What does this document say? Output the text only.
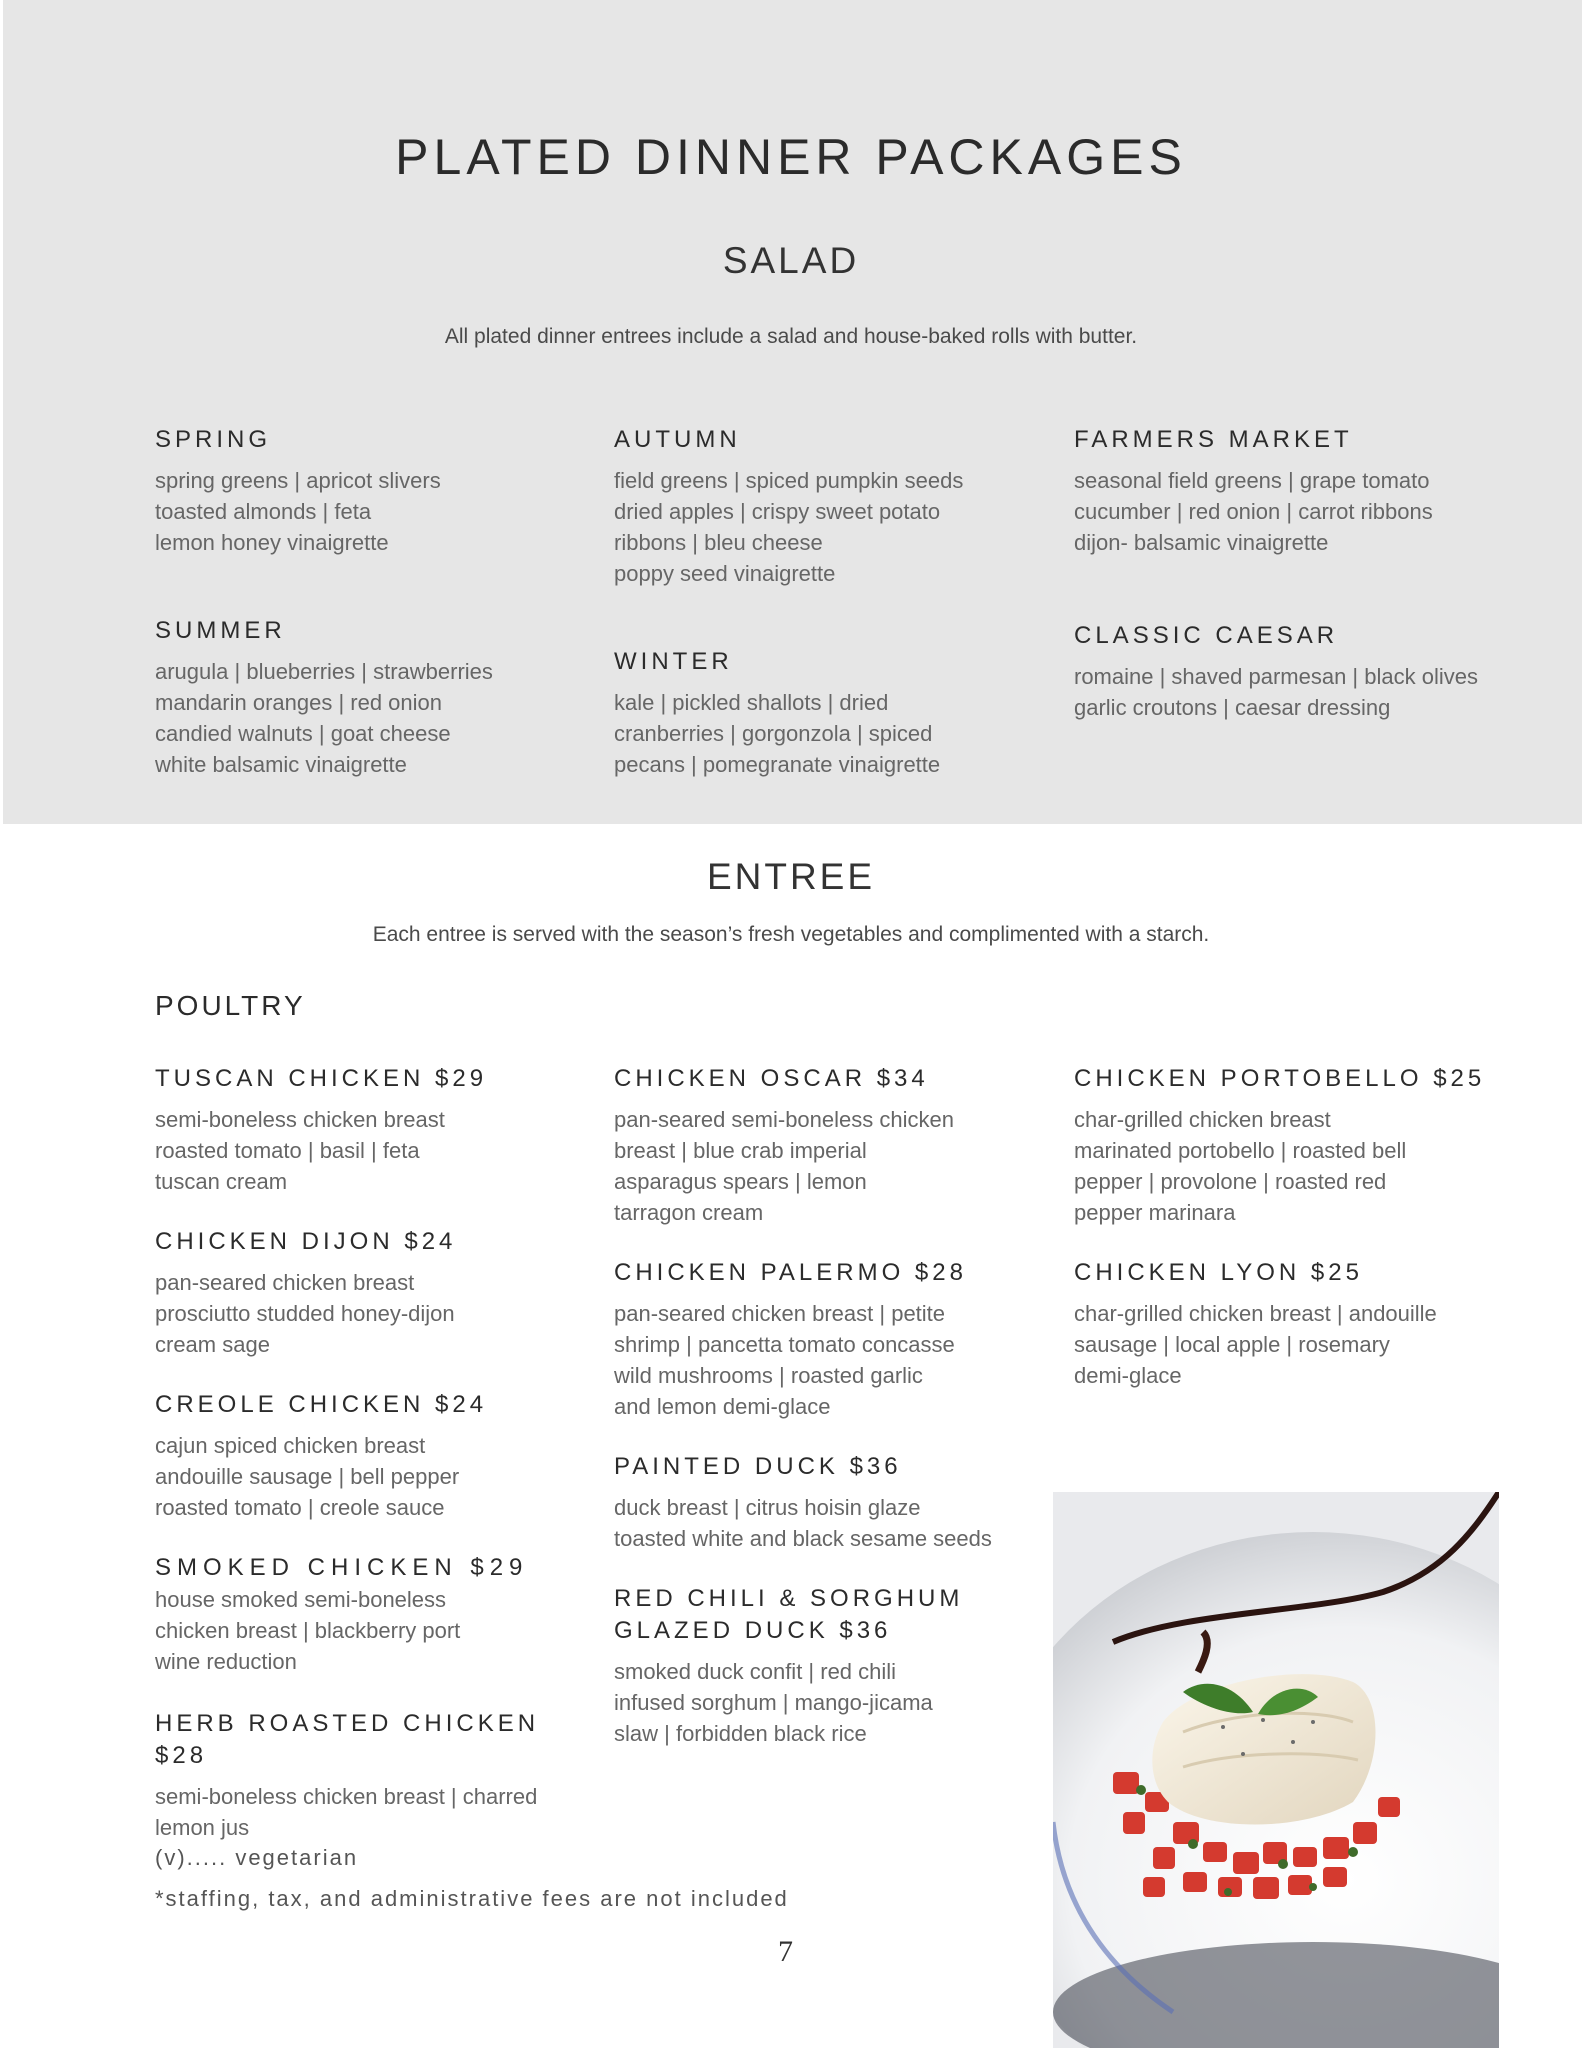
PLATED DINNER PACKAGES
SALAD
All plated dinner entrees include a salad and house-baked rolls with butter.
SPRING
spring greens | apricot slivers
toasted almonds | feta
lemon honey vinaigrette
AUTUMN
field greens | spiced pumpkin seeds
dried apples | crispy sweet potato
ribbons | bleu cheese
poppy seed vinaigrette
FARMERS MARKET
seasonal field greens | grape tomato
cucumber | red onion | carrot ribbons
dijon- balsamic vinaigrette
SUMMER
arugula | blueberries | strawberries
mandarin oranges | red onion
candied walnuts | goat cheese
white balsamic vinaigrette
WINTER
kale | pickled shallots | dried
cranberries | gorgonzola | spiced
pecans | pomegranate vinaigrette
CLASSIC CAESAR
romaine | shaved parmesan | black olives
garlic croutons | caesar dressing
ENTREE
Each entree is served with the season’s fresh vegetables and complimented with a starch.
POULTRY
TUSCAN CHICKEN $29
semi-boneless chicken breast
roasted tomato | basil | feta
tuscan cream
CHICKEN DIJON $24
pan-seared chicken breast
prosciutto studded honey-dijon
cream sage
CREOLE CHICKEN $24
cajun spiced chicken breast
andouille sausage | bell pepper
roasted tomato | creole sauce
SMOKED CHICKEN $29
house smoked semi-boneless
chicken breast | blackberry port
wine reduction
HERB ROASTED CHICKEN $28
semi-boneless chicken breast | charred
lemon jus
CHICKEN OSCAR $34
pan-seared semi-boneless chicken
breast | blue crab imperial
asparagus spears | lemon
tarragon cream
CHICKEN PALERMO $28
pan-seared chicken breast | petite
shrimp | pancetta tomato concasse
wild mushrooms | roasted garlic
and lemon demi-glace
PAINTED DUCK $36
duck breast | citrus hoisin glaze
toasted white and black sesame seeds
RED CHILI & SORGHUM
GLAZED DUCK $36
smoked duck confit | red chili
infused sorghum | mango-jicama
slaw | forbidden black rice
CHICKEN PORTOBELLO $25
char-grilled chicken breast
marinated portobello | roasted bell
pepper | provolone | roasted red
pepper marinara
CHICKEN LYON $25
char-grilled chicken breast | andouille
sausage | local apple | rosemary
demi-glace
(v)..... vegetarian
*staffing, tax, and administrative fees are not included
7
